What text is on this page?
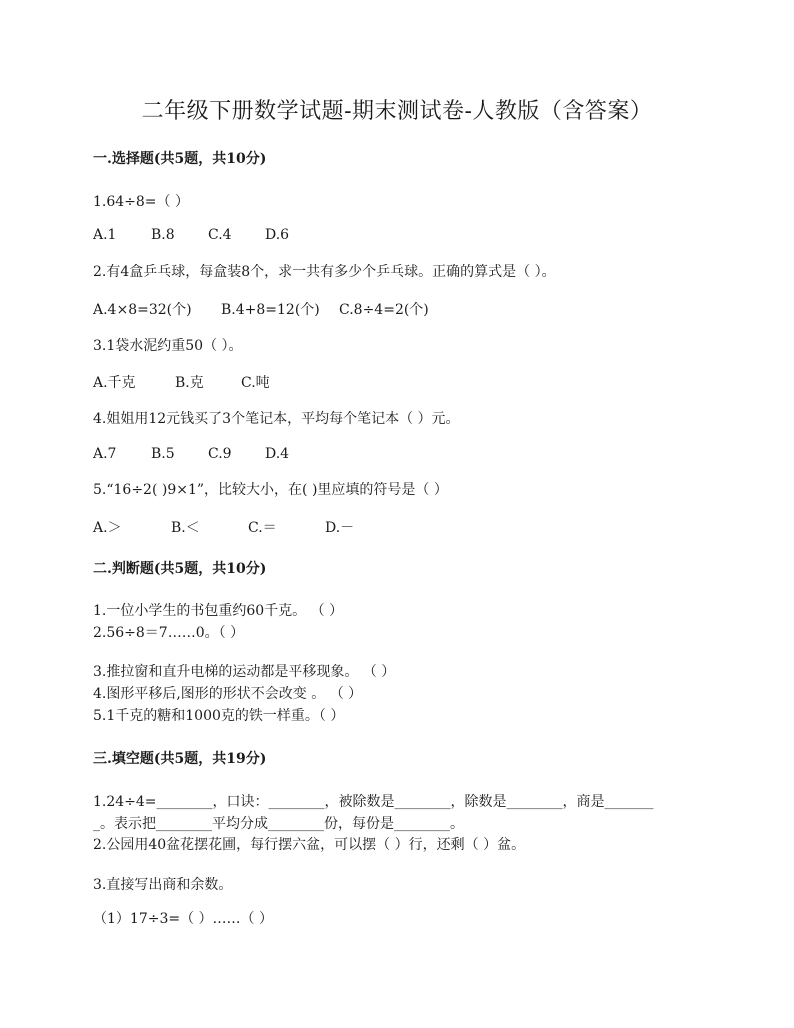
二年级下册数学试题-期末测试卷-人教版（含答案）
一.选择题(共5题，共10分)
1.64÷8=（ ）
A.1 B.8 C.4 D.6
2.有4盒乒乓球，每盒装8个，求一共有多少个乒乓球。正确的算式是（ ）。
A.4×8=32(个) B.4+8=12(个) C.8÷4=2(个)
3.1袋水泥约重50（ ）。
A.千克	B.克	C.吨
4.姐姐用12元钱买了3个笔记本，平均每个笔记本（ ）元。
A.7 B.5 C.9 D.4
5.“16÷2( )9×1”，比较大小，在( )里应填的符号是（ ）
A.＞	B.＜	C.＝	D.－
二.判断题(共5题，共10分)
1.一位小学生的书包重约60千克。 （ ）
2.56÷8＝7……0。（ ）
3.推拉窗和直升电梯的运动都是平移现象。 （ ）
4.图形平移后,图形的形状不会改变 。 （ ）
5.1千克的糖和1000克的铁一样重。（ ）
三.填空题(共5题，共19分)
1.24÷4=________，口诀：________，被除数是________，除数是________，商是_______
_。表示把________平均分成________份，每份是________。
2.公园用40盆花摆花圃，每行摆六盆，可以摆（ ）行，还剩（ ）盆。
3.直接写出商和余数。
（1）17÷3=（ ）……（ ）
